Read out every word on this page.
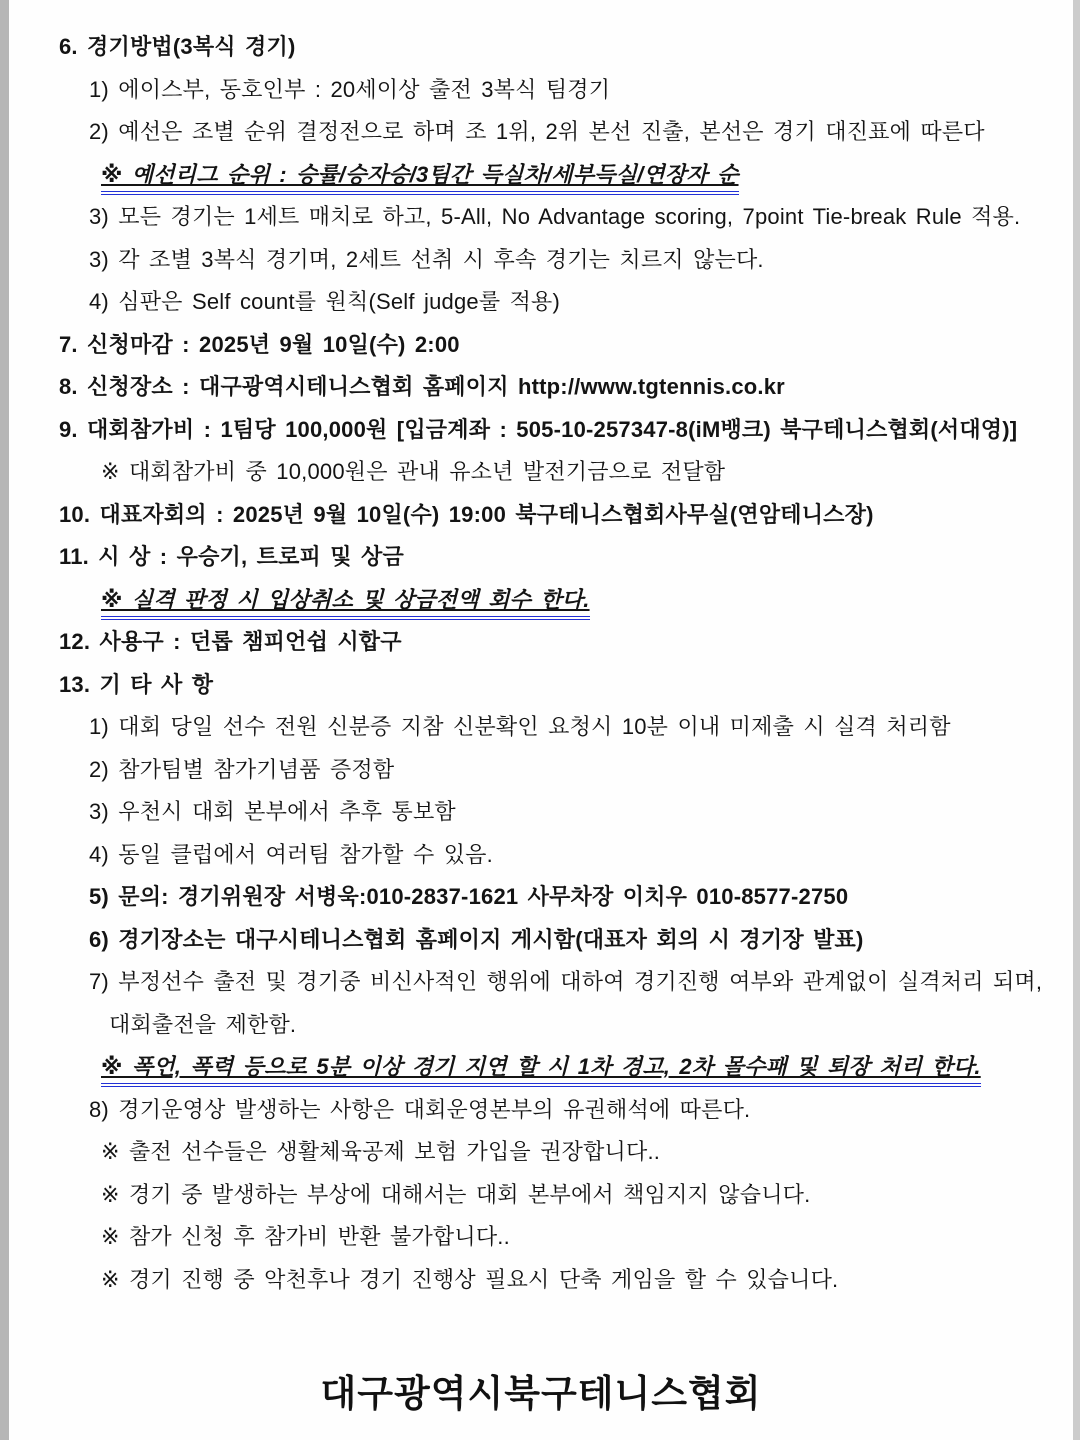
6. 경기방법(3복식 경기)
1) 에이스부, 동호인부 : 20세이상 출전 3복식 팀경기
2) 예선은 조별 순위 결정전으로 하며 조 1위, 2위 본선 진출, 본선은 경기 대진표에 따른다
※ 예선리그 순위 : 승률/승자승/3팀간 득실차/세부득실/연장자 순
3) 모든 경기는 1세트 매치로 하고, 5-All, No Advantage scoring, 7point Tie-break Rule 적용.
3) 각 조별 3복식 경기며, 2세트 선취 시 후속 경기는 치르지 않는다.
4) 심판은 Self count를 원칙(Self judge룰 적용)
7. 신청마감 : 2025년 9월 10일(수) 2:00
8. 신청장소 : 대구광역시테니스협회 홈페이지 http://www.tgtennis.co.kr
9. 대회참가비 : 1팀당 100,000원 [입금계좌 : 505-10-257347-8(iM뱅크) 북구테니스협회(서대영)]
※ 대회참가비 중 10,000원은 관내 유소년 발전기금으로 전달함
10. 대표자회의 : 2025년 9월 10일(수) 19:00 북구테니스협회사무실(연암테니스장)
11. 시 상 : 우승기, 트로피 및 상금
※ 실격 판정 시 입상취소 및 상금전액 회수 한다.
12. 사용구 : 던롭 챔피언쉽 시합구
13. 기 타 사 항
1) 대회 당일 선수 전원 신분증 지참 신분확인 요청시 10분 이내 미제출 시 실격 처리함
2) 참가팀별 참가기념품 증정함
3) 우천시 대회 본부에서 추후 통보함
4) 동일 클럽에서 여러팀 참가할 수 있음.
5) 문의: 경기위원장 서병욱:010-2837-1621 사무차장 이치우 010-8577-2750
6) 경기장소는 대구시테니스협회 홈페이지 게시함(대표자 회의 시 경기장 발표)
7) 부정선수 출전 및 경기중 비신사적인 행위에 대하여 경기진행 여부와 관계없이 실격처리 되며,
대회출전을 제한함.
※ 폭언, 폭력 등으로 5분 이상 경기 지연 할 시 1차 경고, 2차 몰수패 및 퇴장 처리 한다.
8) 경기운영상 발생하는 사항은 대회운영본부의 유권해석에 따른다.
※ 출전 선수들은 생활체육공제 보험 가입을 권장합니다..
※ 경기 중 발생하는 부상에 대해서는 대회 본부에서 책임지지 않습니다.
※ 참가 신청 후 참가비 반환 불가합니다..
※ 경기 진행 중 악천후나 경기 진행상 필요시 단축 게임을 할 수 있습니다.
대구광역시북구테니스협회
